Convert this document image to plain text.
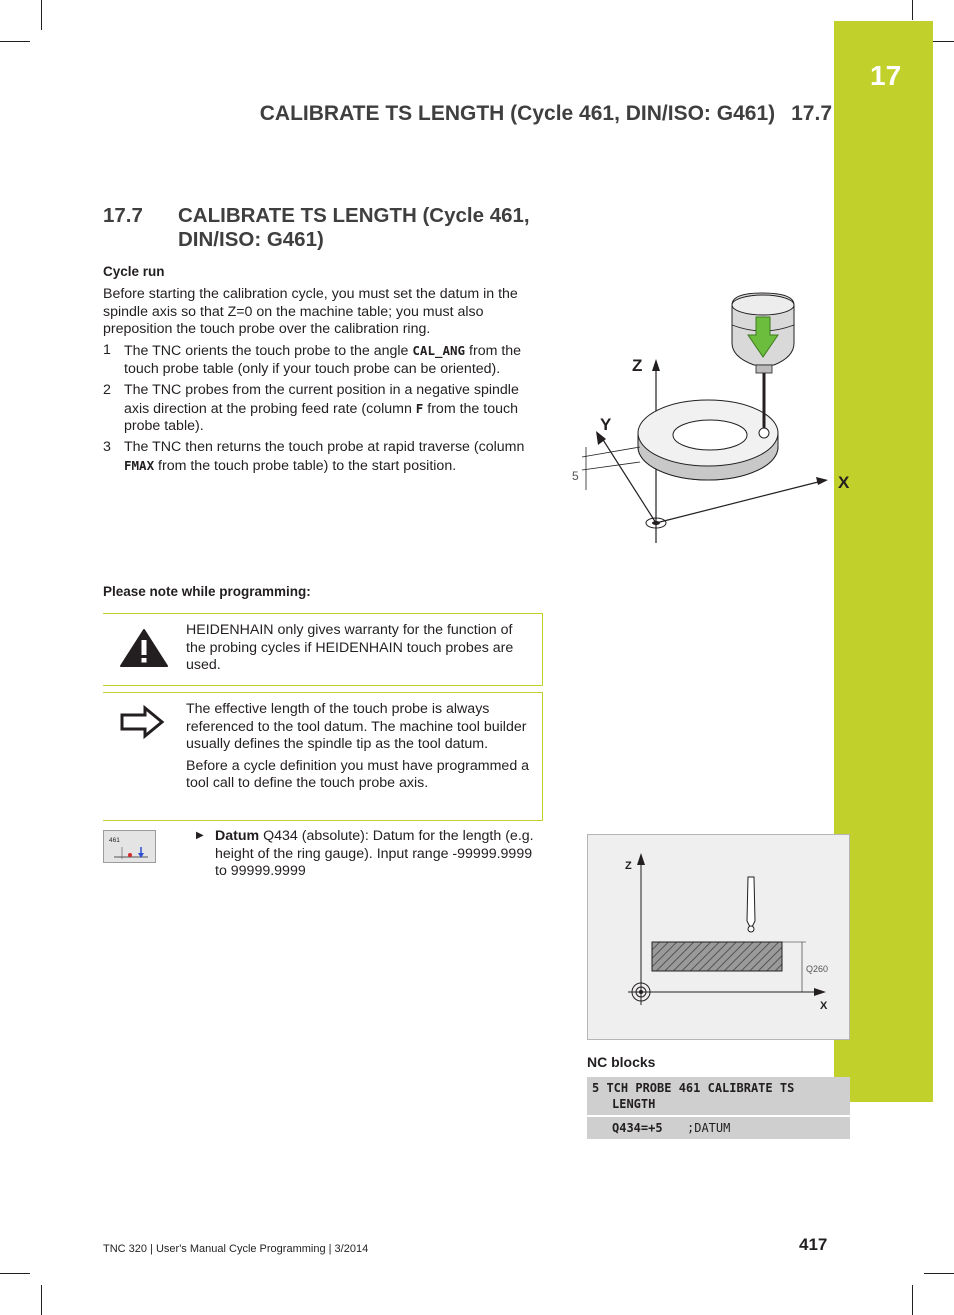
17
CALIBRATE TS LENGTH (Cycle 461, DIN/ISO: G461) 17.7
17.7 CALIBRATE TS LENGTH (Cycle 461, DIN/ISO: G461)
Cycle run
Before starting the calibration cycle, you must set the datum in the spindle axis so that Z=0 on the machine table; you must also preposition the touch probe over the calibration ring.
1 The TNC orients the touch probe to the angle CAL_ANG from the touch probe table (only if your touch probe can be oriented).
2 The TNC probes from the current position in a negative spindle axis direction at the probing feed rate (column F from the touch probe table).
3 The TNC then returns the touch probe at rapid traverse (column FMAX from the touch probe table) to the start position.
Z
Y
X
5
Please note while programming:
HEIDENHAIN only gives warranty for the function of the probing cycles if HEIDENHAIN touch probes are used.

The effective length of the touch probe is always referenced to the tool datum. The machine tool builder usually defines the spindle tip as the tool datum.

Before a cycle definition you must have programmed a tool call to define the touch probe axis.

461	▶ Datum Q434 (absolute): Datum for the length (e.g. height of the ring gauge). Input range -99999.9999 to 99999.9999	Z
X
Q260
NC blocks
5 TCH PROBE 461 CALIBRATE TS
LENGTH
Q434=+5 ;DATUM
TNC 320 | User's Manual Cycle Programming | 3/2014	417
